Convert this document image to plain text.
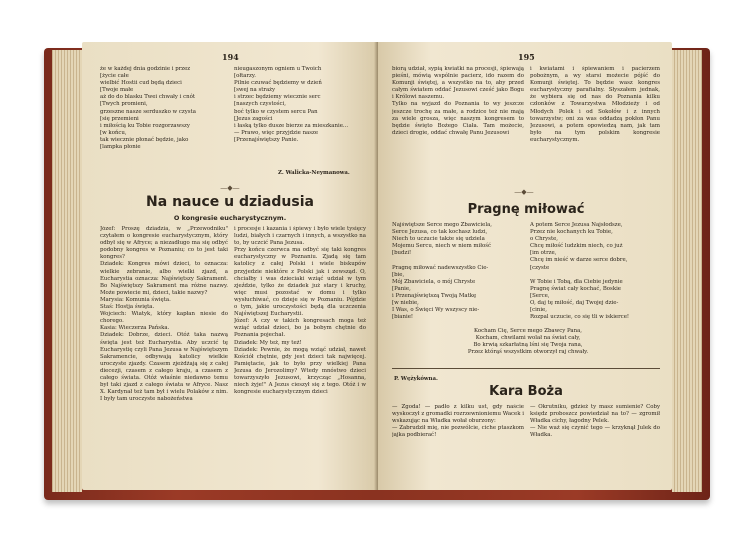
194
że w każdej dnia godzinie i przez
[życie całe
wielbić Hostii cud będą dzieci
[Twoje małe
aż do do blasku Twei chwały i cnót
[Twych promieni,
grzeszne nasze serduszko w czysta
[się przemieni
i miłością ku Tobie rozgorzawszy
[w końcu,
tak wiecznie płonać będzie, jako
[lampka płonie
nieugaszonym ogniem u Twoich
[ołtarzy.
Pilnie czuwać będziemy w dzień
[swej na straży
i strzec będziemy wiecznie serc
[naszych czystości,
boć tylko w czystem sercu Pan
[Jezus zagości
i łaską tylko dusze bierze za mieszkanie...
— Prawo, więc przyjdzie nasze
[Przenajświętszy Panie.
Z. Walicka-Neymanowa.
—◆—
Na nauce u dziadusia
O kongresie eucharystycznym.
Józef: Proszę dziadzia, w „Przewodniku" czytałem o kongresie eucharystycznym, który odbył się w Afryce; a niezadługo ma się odbyć podobny kongres w Poznaniu; co to jest taki kongres?
Dziadek: Kongres mówi dzieci, to oznacza: wielkie zebranie, albo wielki zjazd, a Eucharystia oznacza: Najświętszy Sakrament. Bo Najświętszy Sakrament ma różne nazwy. Może powiecie mi, dzieci, takie nazwy?
Marysia: Komunia święta.
Staś: Hostja święta.
Wojciech: Wiatyk, który kapłan niesie do chorego.
Kasia: Wieczerza Pańska.
Dziadek: Dobrze, dzieci. Otóż taka nazwą święta jest też Eucharystia. Aby uczcić tę Eucharystię czyli Pana Jezusa w Najświętszym Sakramencie, odbywają katolicy wielkie uroczyste zjazdy. Czasem zjeżdżają się z całej diecezji, czasem z całego kraju, a czasem z całego świata. Otóż właśnie niedawno temu był taki zjazd z całego świata w Afryce. Nasz X. Kardynał też tam był i wielu Polaków z nim. I były tam uroczyste nabożeństwa
i procesje i kazania i śpiewy i było wiele tysięcy ludzi, białych i czarnych i innych, a wszystko na to, by uczcić Pana Jezusa.
Przy końcu czerwca ma odbyć się taki kongres eucharystyczny w Poznaniu. Zjadą się tam katolicy z całej Polski i wiele biskupów przyjedzie niektóre z Polski jak i zewsząd. O, chciałby i was dzieciaki wziąć udział w tym zjeździe, tylko że dziadek już stary i kruchy, więc musi pozostać w domu i tylko wysłuchiwać, co dzieje się w Poznaniu. Pójdzie o tym, jakie uroczystości będą dla uczczenia Najświętszej Eucharystii.
Józef: A czy w takich kongresach moga też wziąć udział dzieci, bo ja bobym chętnie do Poznania pojechał.
Dziadek: My też, my też!
Dziadek: Pewnie, że mogą wziąć udział, nawet Kościół chętnie, gdy jest dzieci tak najwięcej. Pamiętacie, jak to było przy wielkiej Pana Jezusa do Jerozolimy? Wtedy mnóstwo dzieci towarzyszyło Jezusowi, krzycząc „Hosanna, niech żyje!" A Jezus cieszył się z tego. Otóż i w kongresie eucharystycznym dzieci
195
biorą udział, sypią kwiatki na procesji, śpiewają pieśni, mówią wspólnie pacierz, ido razem do Komunji świętej, a wszystko na to, aby przed całym światem oddać Jezusowi cześć jako Bogu i Królowi naszemu.
Tylko na wyjazd do Poznania to wy jeszcze jeszcze trochę za małe, a rodzice też nie mają za wiele grosza, więc naszym kongresem to będzie święto Bożego Ciała. Tam możecie, dzieci drogie, oddać chwałę Panu Jezusowi
i kwiatami i śpiewaniem i pacierzem pobożnym, a wy starsi możecie pójść do Komunji świętej. To będzie wasz kongres eucharystyczny parafialny. Słyszałem jednak, że wybiera się od nas do Poznania kilku członków z Towarzystwa Młodzieży i od Młodych Polek i od Sokołów i z innych towarzystw; oni za was oddadzą pokłon Panu Jezusowi, a potem opowiedzą nam, jak tam było na tym polskim kongresie eucharystycznym.
—◆—
Pragnę miłować
Najświętsze Serce mego Zbawiciela,
Serce Jezusa, co tak kochasz ludzi,
Niech to uczucie także się udziela
Mojemu Sercu, niech w niem miłość
[budzi!

Pragnę miłować nadewszystko Cie-
[bie,
Mój Zbawiciela, o mój Chryste
[Panie,
i Przenajświętszą Twoją Matkę
[w niebie,
I Was, o Święci Wy wszyscy nie-
[bianie!
A potem Serce Jezusa Najsłodsze,
Przez nie kochanych ku Tobie,
o Chryste,
Chcę miłość ludzkim niech, co już
[im otrze,
Chcę im nieść w darze serce dobre,
[czyste

W Tobie i Tobą, dla Ciebie jedynie
Pragnę świat cały kochać, Boskie
[Serce,
O, daj tę miłość, daj Twojej dzie-
[cinie,
Rozpal uczucie, co się tli w iskierce!
Kocham Cię, Serce mego Zbawcy Pana,
Kocham, chwilami wolał na świat cały,
Bo krwią szkarłatną lśni się Twoja rana,
Przez którąś wszystkim otworzył raj chwały.
P. Wężykówna.
Kara Boża
— Zgoda! — padło z kilku ust, gdy naście wyskoczył z gromadki rozrzewnioniemu Wacek i wskazując na Władka wołał oburzony:
— Zabrudził mię, nie pozwólcie, ciche ptaszkom jajka podbierać!
— Okrutniku, gdzież ty masz sumienie? Coby księdz proboszcz powiedział na to? — zgromił Władka cichy, łagodny Pelek.
— Nie waż się czynić tego — krzyknął Julek do Władka.
